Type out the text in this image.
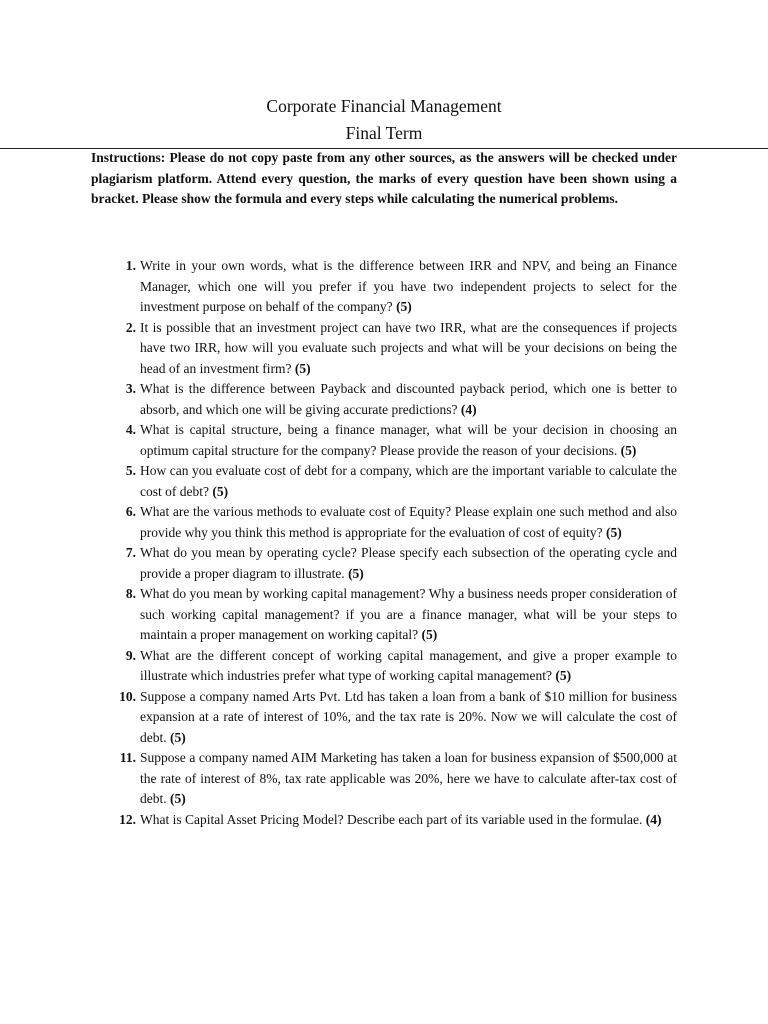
Corporate Financial Management
Final Term
Instructions: Please do not copy paste from any other sources, as the answers will be checked under plagiarism platform. Attend every question, the marks of every question have been shown using a bracket. Please show the formula and every steps while calculating the numerical problems.
1. Write in your own words, what is the difference between IRR and NPV, and being an Finance Manager, which one will you prefer if you have two independent projects to select for the investment purpose on behalf of the company? (5)
2. It is possible that an investment project can have two IRR, what are the consequences if projects have two IRR, how will you evaluate such projects and what will be your decisions on being the head of an investment firm? (5)
3. What is the difference between Payback and discounted payback period, which one is better to absorb, and which one will be giving accurate predictions? (4)
4. What is capital structure, being a finance manager, what will be your decision in choosing an optimum capital structure for the company? Please provide the reason of your decisions. (5)
5. How can you evaluate cost of debt for a company, which are the important variable to calculate the cost of debt? (5)
6. What are the various methods to evaluate cost of Equity? Please explain one such method and also provide why you think this method is appropriate for the evaluation of cost of equity? (5)
7. What do you mean by operating cycle? Please specify each subsection of the operating cycle and provide a proper diagram to illustrate. (5)
8. What do you mean by working capital management? Why a business needs proper consideration of such working capital management? if you are a finance manager, what will be your steps to maintain a proper management on working capital? (5)
9. What are the different concept of working capital management, and give a proper example to illustrate which industries prefer what type of working capital management? (5)
10. Suppose a company named Arts Pvt. Ltd has taken a loan from a bank of $10 million for business expansion at a rate of interest of 10%, and the tax rate is 20%. Now we will calculate the cost of debt. (5)
11. Suppose a company named AIM Marketing has taken a loan for business expansion of $500,000 at the rate of interest of 8%, tax rate applicable was 20%, here we have to calculate after-tax cost of debt. (5)
12. What is Capital Asset Pricing Model? Describe each part of its variable used in the formulae. (4)
